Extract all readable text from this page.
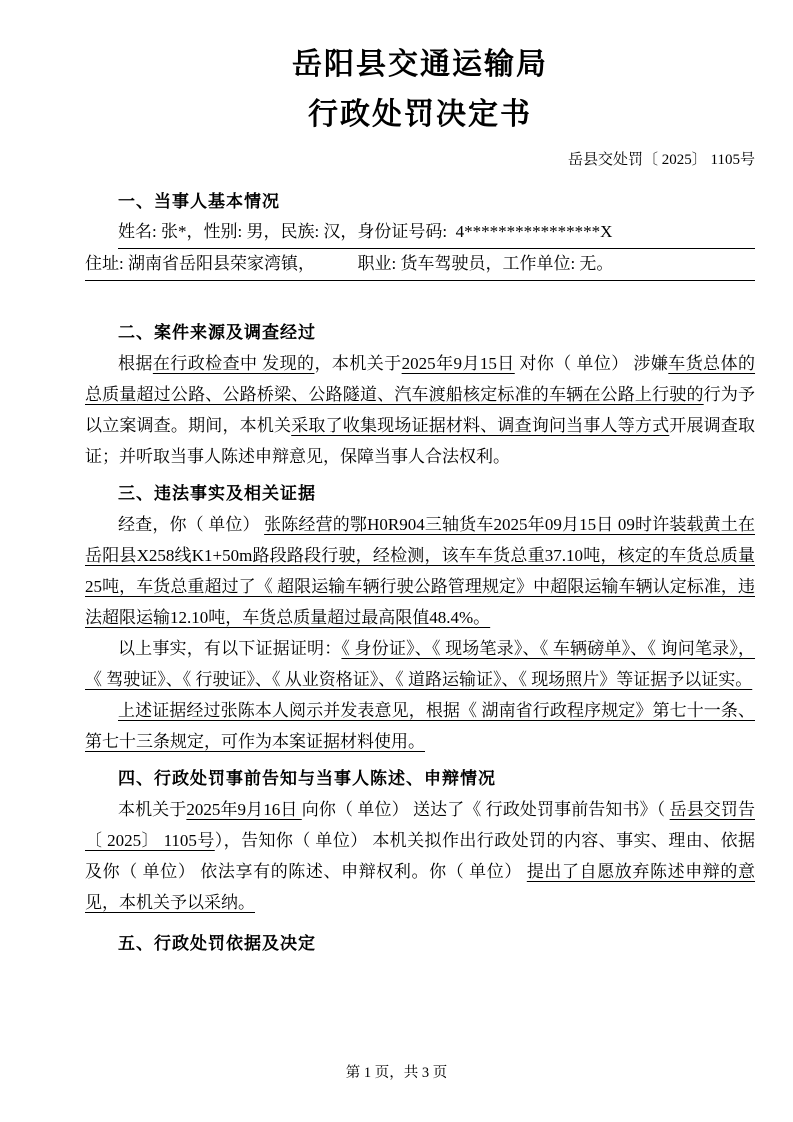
岳阳县交通运输局
行政处罚决定书
岳县交处罚〔 2025〕 1105号
一、当事人基本情况
姓名: 张*，性别: 男，民族: 汉，身份证号码:  4****************X
住址: 湖南省岳阳县荣家湾镇，　　　职业: 货车驾驶员，工作单位: 无。
二、案件来源及调查经过

根据在行政检查中 发现的，本机关于2025年9月15日 对你（ 单位） 涉嫌车货总体的总质量超过公路、公路桥梁、公路隧道、汽车渡船核定标准的车辆在公路上行驶的行为予以立案调查。期间，本机关采取了收集现场证据材料、调查询问当事人等方式开展调查取证；并听取当事人陈述申辩意见，保障当事人合法权利。

三、违法事实及相关证据

经查，你（ 单位） 张陈经营的鄂H0R904三轴货车2025年09月15日 09时许装载黄土在岳阳县X258线K1+50m路段路段行驶，经检测，该车车货总重37.10吨，核定的车货总质量25吨，车货总重超过了《 超限运输车辆行驶公路管理规定》中超限运输车辆认定标准，违法超限运输12.10吨，车货总质量超过最高限值48.4%。

以上事实，有以下证据证明：《 身份证》、《 现场笔录》、《 车辆磅单》、《 询问笔录》，《 驾驶证》、《 行驶证》、《 从业资格证》、《 道路运输证》、《 现场照片》等证据予以证实。

上述证据经过张陈本人阅示并发表意见，根据《 湖南省行政程序规定》第七十一条、第七十三条规定，可作为本案证据材料使用。

四、行政处罚事前告知与当事人陈述、申辩情况

本机关于2025年9月16日 向你（ 单位） 送达了《 行政处罚事前告知书》（ 岳县交罚告〔 2025〕 1105号），告知你（ 单位） 本机关拟作出行政处罚的内容、事实、理由、依据及你（ 单位） 依法享有的陈述、申辩权利。你（ 单位） 提出了自愿放弃陈述申辩的意见，本机关予以采纳。

五、行政处罚依据及决定
第 1 页，共 3 页
